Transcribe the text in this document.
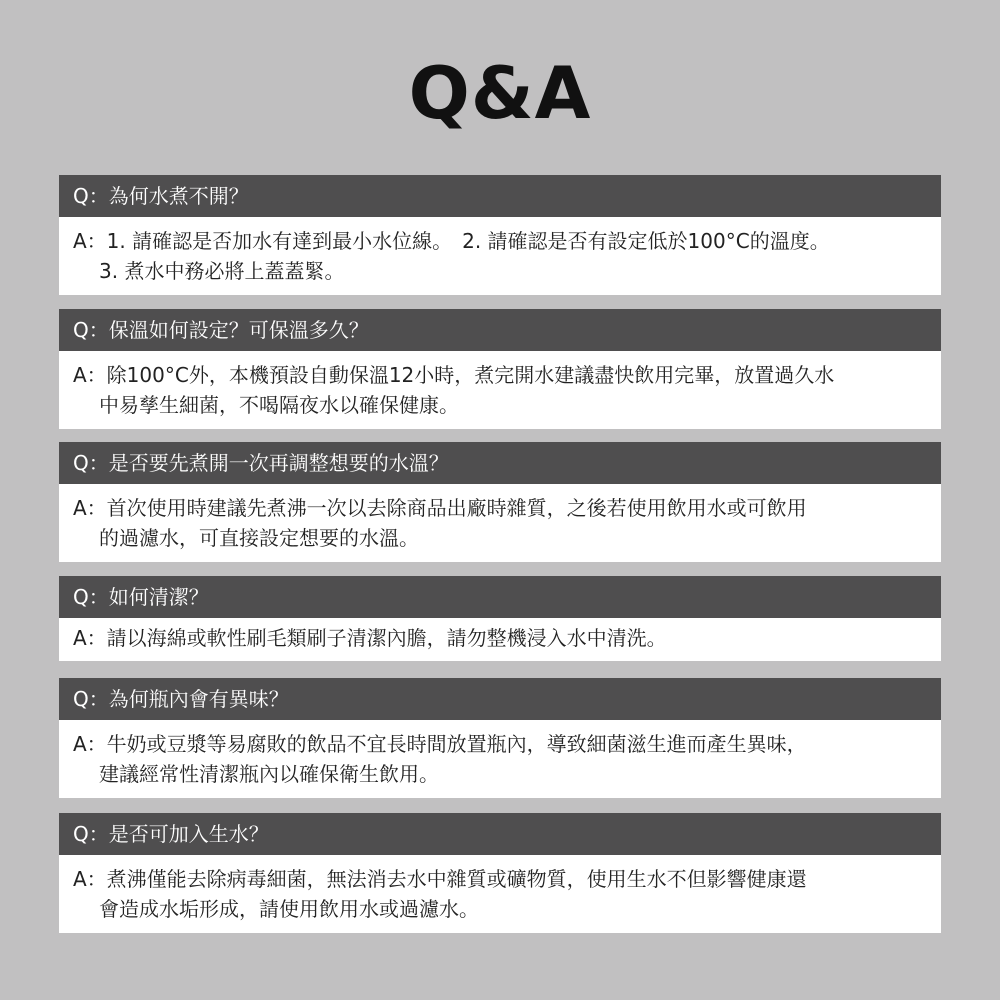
Q&A
Q：為何水煮不開？
A：1. 請確認是否加水有達到最小水位線。　2. 請確認是否有設定低於100°C的溫度。
3. 煮水中務必將上蓋蓋緊。
Q：保溫如何設定？可保溫多久？
A：除100°C外，本機預設自動保溫12小時，煮完開水建議盡快飲用完畢，放置過久水
中易孳生細菌，不喝隔夜水以確保健康。
Q：是否要先煮開一次再調整想要的水溫？
A：首次使用時建議先煮沸一次以去除商品出廠時雜質，之後若使用飲用水或可飲用
的過濾水，可直接設定想要的水溫。
Q：如何清潔？
A：請以海綿或軟性刷毛類刷子清潔內膽，請勿整機浸入水中清洗。
Q：為何瓶內會有異味？
A：牛奶或豆漿等易腐敗的飲品不宜長時間放置瓶內，導致細菌滋生進而產生異味，
建議經常性清潔瓶內以確保衛生飲用。
Q：是否可加入生水？
A：煮沸僅能去除病毒細菌，無法消去水中雜質或礦物質，使用生水不但影響健康還
會造成水垢形成，請使用飲用水或過濾水。
